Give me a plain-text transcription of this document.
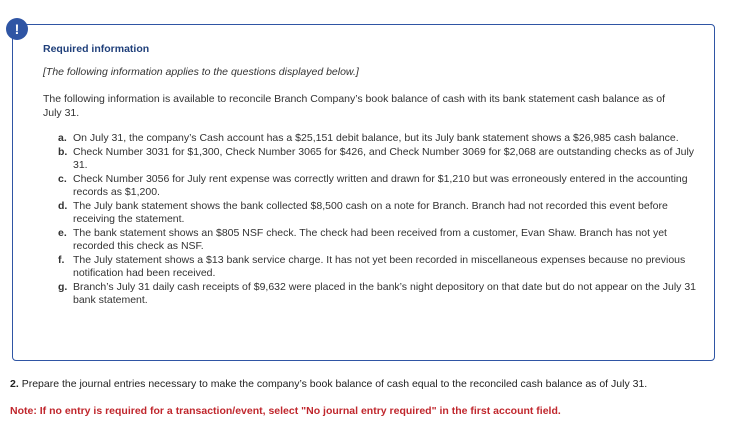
!
Required information
[The following information applies to the questions displayed below.]
The following information is available to reconcile Branch Company’s book balance of cash with its bank statement cash balance as of July 31.
a. On July 31, the company’s Cash account has a $25,151 debit balance, but its July bank statement shows a $26,985 cash balance.
b. Check Number 3031 for $1,300, Check Number 3065 for $426, and Check Number 3069 for $2,068 are outstanding checks as of July 31.
c. Check Number 3056 for July rent expense was correctly written and drawn for $1,210 but was erroneously entered in the accounting records as $1,200.
d. The July bank statement shows the bank collected $8,500 cash on a note for Branch. Branch had not recorded this event before receiving the statement.
e. The bank statement shows an $805 NSF check. The check had been received from a customer, Evan Shaw. Branch has not yet recorded this check as NSF.
f. The July statement shows a $13 bank service charge. It has not yet been recorded in miscellaneous expenses because no previous notification had been received.
g. Branch’s July 31 daily cash receipts of $9,632 were placed in the bank’s night depository on that date but do not appear on the July 31 bank statement.
2. Prepare the journal entries necessary to make the company’s book balance of cash equal to the reconciled cash balance as of July 31.
Note: If no entry is required for a transaction/event, select "No journal entry required" in the first account field.
